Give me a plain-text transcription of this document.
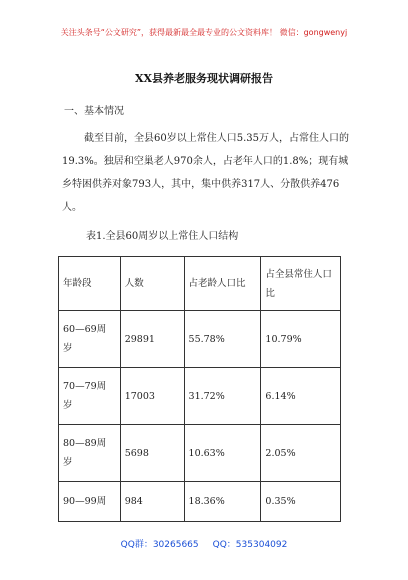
关注头条号“公文研究”，获得最新最全最专业的公文资料库！ 微信：gongwenyj
XX县养老服务现状调研报告
一、基本情况

截至目前，全县60岁以上常住人口5.35万人，占常住人口的19.3%。独居和空巢老人970余人，占老年人口的1.8%；现有城乡特困供养对象793人，其中，集中供养317人、分散供养476人。

表1.全县60周岁以上常住人口结构
年龄段	人数	占老龄人口比	占全县常住人口比

60—69周
岁	29891	55.78%	10.79%

70—79周
岁	17003	31.72%	6.14%

80—89周
岁	5698	10.63%	2.05%

90—99周	984	18.36%	0.35%
QQ群：30265665 QQ：535304092
